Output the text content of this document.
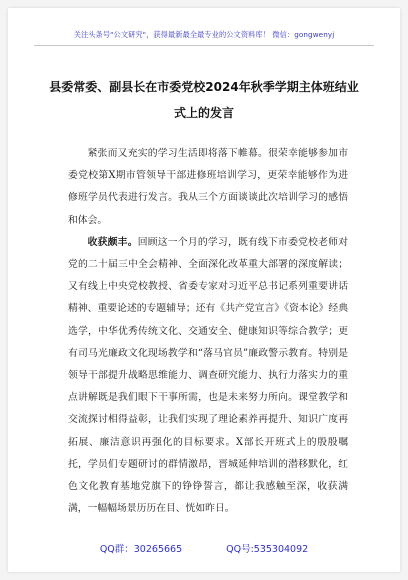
关注头条号"公文研究"，获得最新最全最专业的公文资料库！ 微信：gongwenyj
县委常委、副县长在市委党校2024年秋季学期主体班结业式上的发言

紧张而又充实的学习生活即将落下帷幕。很荣幸能够参加市委党校第X期市管领导干部进修班培训学习，更荣幸能够作为进修班学员代表进行发言。我从三个方面谈谈此次培训学习的感悟和体会。

收获颇丰。回顾这一个月的学习，既有线下市委党校老师对党的二十届三中全会精神、全面深化改革重大部署的深度解读；又有线上中央党校教授、省委专家对习近平总书记系列重要讲话精神、重要论述的专题辅导；还有《共产党宣言》《资本论》经典选学，中华优秀传统文化、交通安全、健康知识等综合教学；更有司马光廉政文化现场教学和“落马官员”廉政警示教育。特别是领导干部提升战略思维能力、调查研究能力、执行力落实力的重点讲解既是我们眼下干事所需，也是未来努力所向。课堂教学和交流探讨相得益彰，让我们实现了理论素养再提升、知识广度再拓展、廉洁意识再强化的目标要求。X部长开班式上的殷殷嘱托，学员们专题研讨的群情激昂，晋城延伸培训的潜移默化，红色文化教育基地党旗下的铮铮誓言，都让我感触至深，收获满满，一幅幅场景历历在目、恍如昨日。

QQ群：30265665	QQ号:535304092
